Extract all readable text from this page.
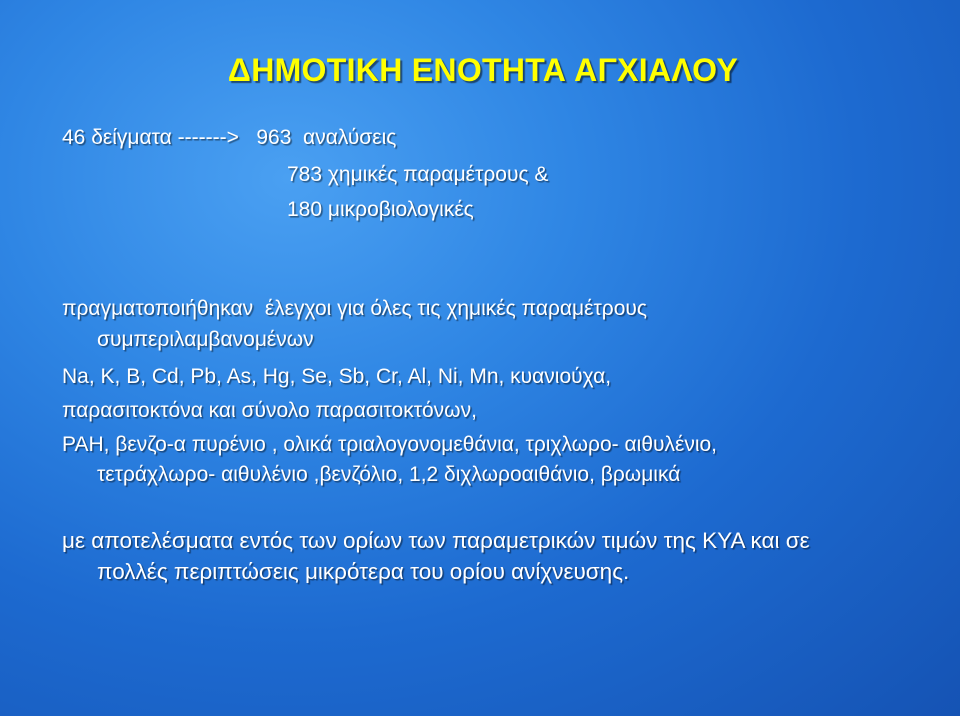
ΔΗΜΟΤΙΚΗ ΕΝΟΤΗΤΑ ΑΓΧΙΑΛΟΥ
46 δείγματα ------->   963  αναλύσεις
783 χημικές παραμέτρους &
180 μικροβιολογικές
πραγματοποιήθηκαν  έλεγχοι για όλες τις χημικές παραμέτρους
συμπεριλαμβανομένων
Na, K, B, Cd, Pb, As, Hg, Se, Sb, Cr, Al, Ni, Mn, κυανιούχα,
παρασιτοκτόνα και σύνολο παρασιτοκτόνων,
PAH, βενζο-α πυρένιο , ολικά τριαλογονομεθάνια, τριχλωρο- αιθυλένιο,
τετράχλωρο- αιθυλένιο ,βενζόλιο, 1,2 διχλωροαιθάνιο, βρωμικά
με αποτελέσματα εντός των ορίων των παραμετρικών τιμών της ΚΥΑ και σε
πολλές περιπτώσεις μικρότερα του ορίου ανίχνευσης.
